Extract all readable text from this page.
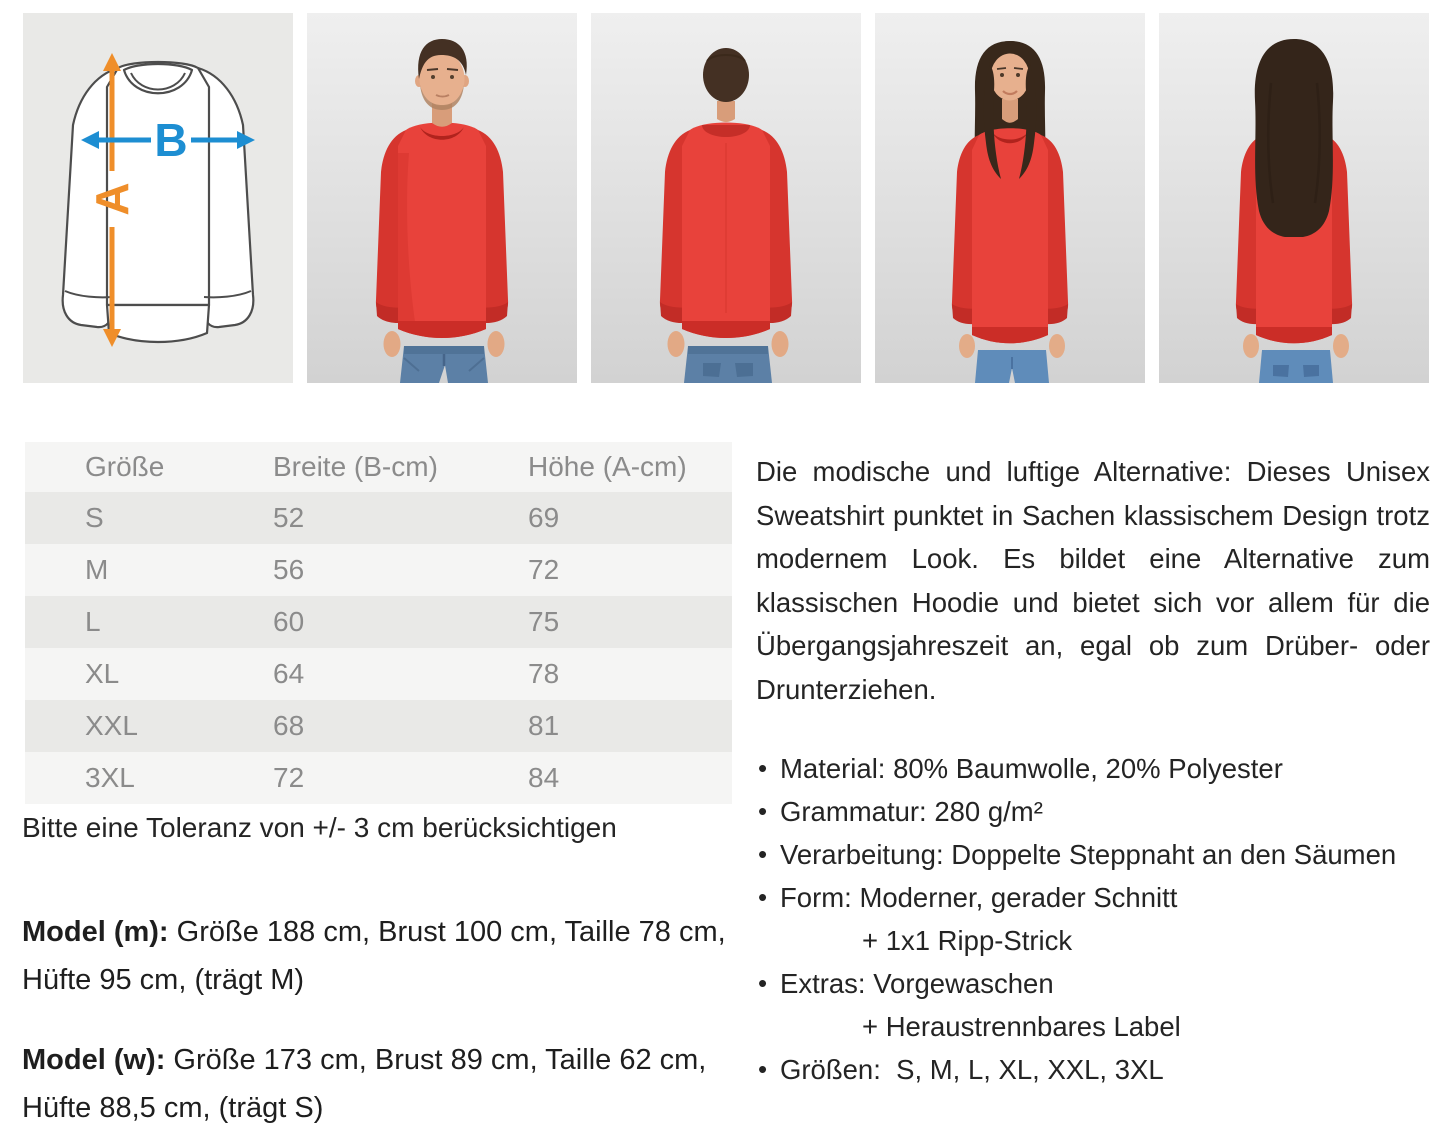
A
B
Größe	Breite (B-cm)	Höhe (A-cm)
S	52	69
M	56	72
L	60	75
XL	64	78
XXL	68	81
3XL	72	84
Bitte eine Toleranz von +/- 3 cm berücksichtigen
Model (m): Größe 188 cm, Brust 100 cm, Taille 78 cm,
Hüfte 95 cm, (trägt M)
Model (w): Größe 173 cm, Brust 89 cm, Taille 62 cm,
Hüfte 88,5 cm, (trägt S)

Die modische und luftige Alternative: Dieses Unisex Sweatshirt punktet in Sachen klassischem Design trotz modernem Look. Es bildet eine Alternative zum klassischen Hoodie und bietet sich vor allem für die Übergangsjahreszeit an, egal ob zum Drüber- oder Drunterziehen.

• Material: 80% Baumwolle, 20% Polyester
• Grammatur: 280 g/m²
• Verarbeitung: Doppelte Steppnaht an den Säumen
• Form: Moderner, gerader Schnitt
+ 1x1 Ripp-Strick
• Extras: Vorgewaschen
+ Heraustrennbares Label
• Größen:  S, M, L, XL, XXL, 3XL
